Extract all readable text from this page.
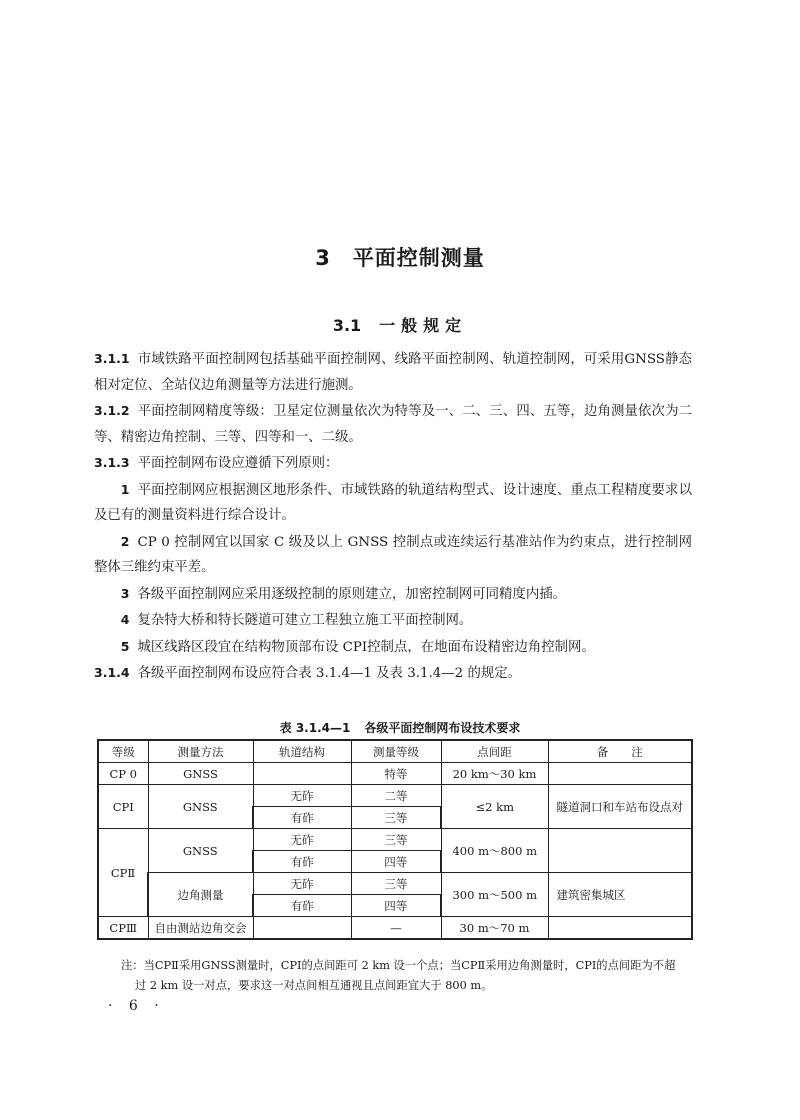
3 平面控制测量
3.1 一般规定

3.1.1 市域铁路平面控制网包括基础平面控制网、线路平面控制网、轨道控制网，可采用GNSS静态相对定位、全站仪边角测量等方法进行施测。

3.1.2 平面控制网精度等级：卫星定位测量依次为特等及一、二、三、四、五等，边角测量依次为二等、精密边角控制、三等、四等和一、二级。

3.1.3 平面控制网布设应遵循下列原则：

1 平面控制网应根据测区地形条件、市域铁路的轨道结构型式、设计速度、重点工程精度要求以及已有的测量资料进行综合设计。

2 CP 0 控制网宜以国家 C 级及以上 GNSS 控制点或连续运行基准站作为约束点，进行控制网整体三维约束平差。

3 各级平面控制网应采用逐级控制的原则建立，加密控制网可同精度内插。

4 复杂特大桥和特长隧道可建立工程独立施工平面控制网。

5 城区线路区段宜在结构物顶部布设 CPⅠ控制点，在地面布设精密边角控制网。

3.1.4 各级平面控制网布设应符合表 3.1.4—1 及表 3.1.4—2 的规定。

表 3.1.4—1 各级平面控制网布设技术要求
等级	测量方法	轨道结构	测量等级	点间距	备　　注
CP 0	GNSS		特等	20 km～30 km	
CPⅠ	GNSS	无砟	二等	≤2 km	隧道洞口和车站布设点对
		有砟	三等		
CPⅡ	GNSS	无砟	三等	400 m～800 m	
		有砟	四等		
	边角测量	无砟	三等	300 m～500 m	建筑密集城区
		有砟	四等		
CPⅢ	自由测站边角交会		—	30 m～70 m	
注：当CPⅡ采用GNSS测量时，CPⅠ的点间距可 2 km 设一个点；当CPⅡ采用边角测量时，CPⅠ的点间距为不超
过 2 km 设一对点，要求这一对点间相互通视且点间距宜大于 800 m。
· 6 ·
